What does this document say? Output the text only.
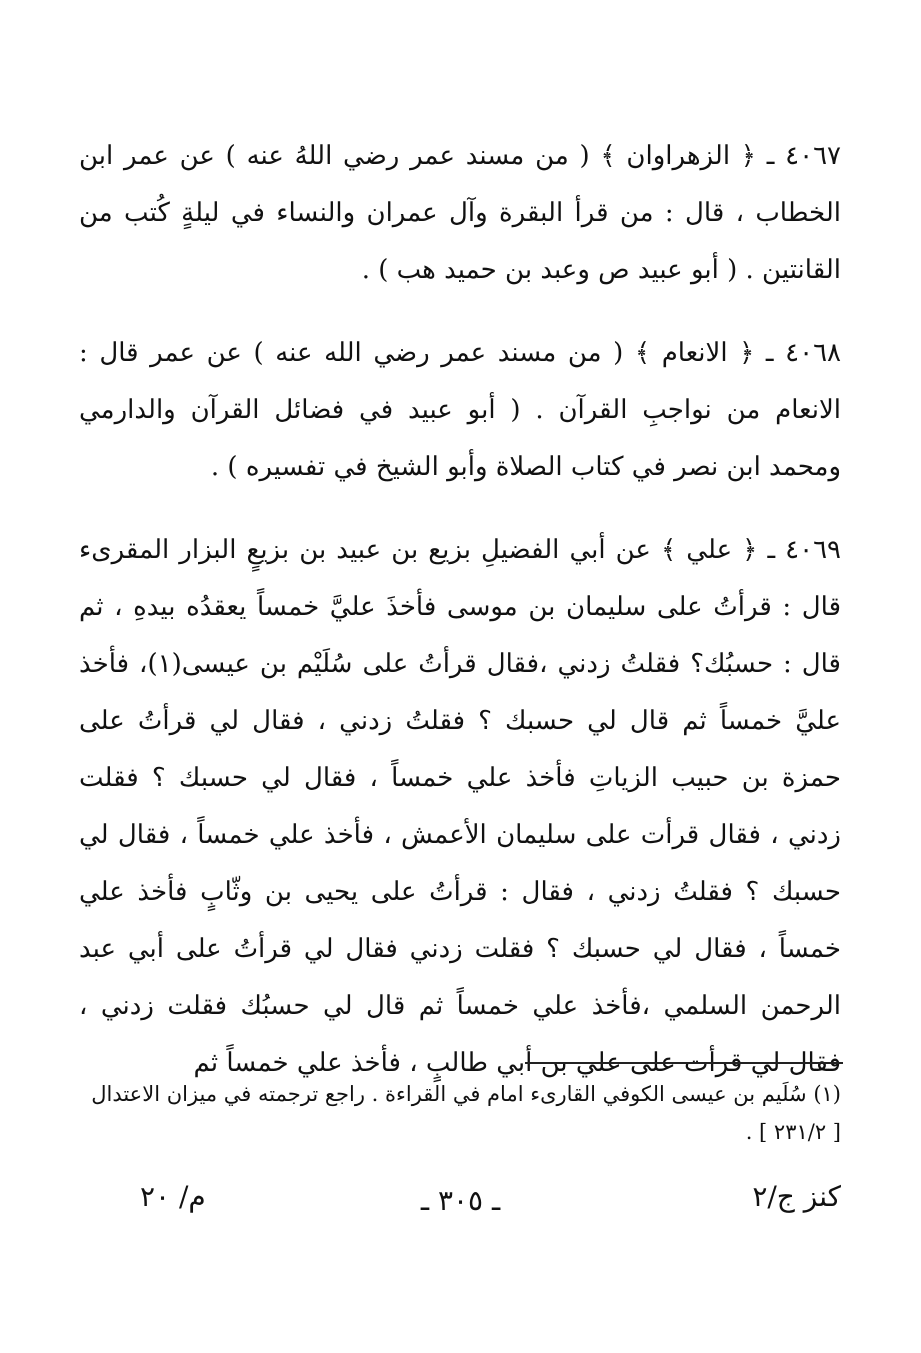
٤٠٦٧ ـ ﴿ الزهراوان ﴾ ( من مسند عمر رضي اللهُ عنه ) عن عمر ابن الخطاب ، قال : من قرأ البقرة وآل عمران والنساء في ليلةٍ كُتب من القانتين . ( أبو عبيد ص وعبد بن حميد هب ) .

٤٠٦٨ ـ ﴿ الانعام ﴾ ( من مسند عمر رضي الله عنه ) عن عمر قال : الانعام من نواجبِ القرآن . ( أبو عبيد في فضائل القرآن والدارمي ومحمد ابن نصر في كتاب الصلاة وأبو الشيخ في تفسيره ) .

٤٠٦٩ ـ ﴿ علي ﴾ عن أبي الفضيلِ بزيع بن عبيد بن بزيعٍ البزار المقرىء قال : قرأتُ على سليمان بن موسى فأخذَ عليَّ خمساً يعقدُه بيدهِ ، ثم قال : حسبُك؟ فقلتُ زدني ،فقال قرأتُ على سُلَيْم بن عيسى(١)، فأخذ عليَّ خمساً ثم قال لي حسبك ؟ فقلتُ زدني ، فقال لي قرأتُ على حمزة بن حبيب الزياتِ فأخذ علي خمساً ، فقال لي حسبك ؟ فقلت زدني ، فقال قرأت على سليمان الأعمش ، فأخذ علي خمساً ، فقال لي حسبك ؟ فقلتُ زدني ، فقال : قرأتُ على يحيى بن وثّابٍ فأخذ علي خمساً ، فقال لي حسبك ؟ فقلت زدني فقال لي قرأتُ على أبي عبد الرحمن السلمي ،فأخذ علي خمساً ثم قال لي حسبُك فقلت زدني ، فقال لي قرأت على علي بن أبي طالبٍ ، فأخذ علي خمساً ثم

(١) سُلَيم بن عيسى الكوفي القارىء امام في القراءة . راجع ترجمته في ميزان الاعتدال [ ٢٣١/٢ ] .

كنز ج/٢
ـ ٣٠٥ ـ
م/ ٢٠
